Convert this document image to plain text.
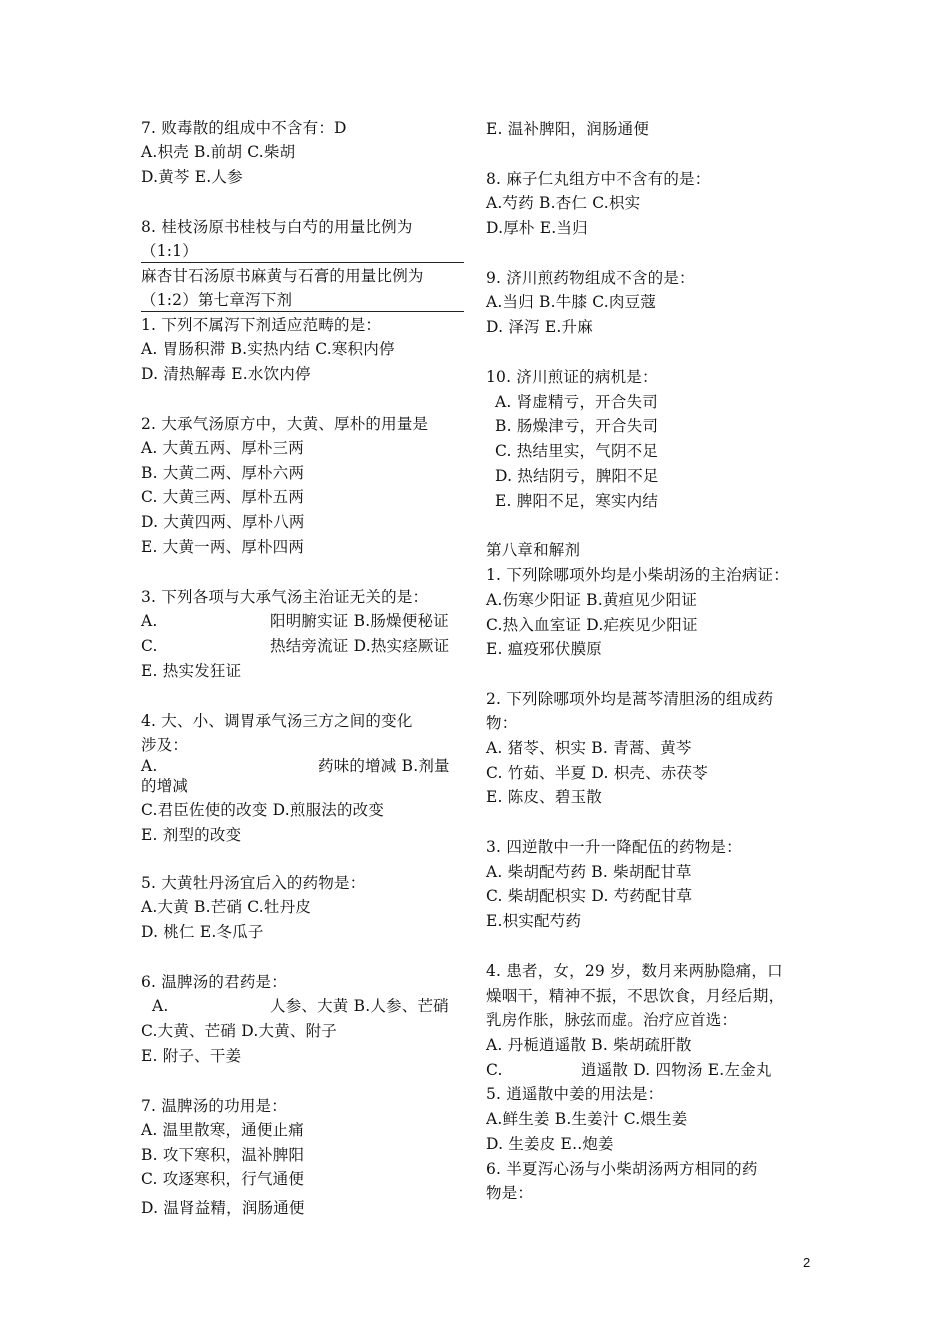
7. 败毒散的组成中不含有：D
A.枳壳 B.前胡 C.柴胡
D.黄芩 E.人参
8. 桂枝汤原书桂枝与白芍的用量比例为
（1:1）
麻杏甘石汤原书麻黄与石膏的用量比例为
（1:2）第七章泻下剂
1. 下列不属泻下剂适应范畴的是：
A. 胃肠积滞 B.实热内结 C.寒积内停
D. 清热解毒 E.水饮内停
2. 大承气汤原方中，大黄、厚朴的用量是
A. 大黄五两、厚朴三两
B. 大黄二两、厚朴六两
C. 大黄三两、厚朴五两
D. 大黄四两、厚朴八两
E. 大黄一两、厚朴四两
3. 下列各项与大承气汤主治证无关的是：
A.	阳明腑实证 B.肠燥便秘证
C.	热结旁流证 D.热实痉厥证
E. 热实发狂证
4. 大、小、调胃承气汤三方之间的变化
涉及：
A.	药味的增减 B.剂量
的增减
C.君臣佐使的改变 D.煎服法的改变
E. 剂型的改变
5. 大黄牡丹汤宜后入的药物是：
A.大黄 B.芒硝 C.牡丹皮
D. 桃仁 E.冬瓜子
6. 温脾汤的君药是：
A.	人参、大黄 B.人参、芒硝
C.大黄、芒硝 D.大黄、附子
E. 附子、干姜
7. 温脾汤的功用是：
A. 温里散寒，通便止痛
B. 攻下寒积，温补脾阳
C. 攻逐寒积，行气通便
D. 温肾益精，润肠通便
E. 温补脾阳，润肠通便
8. 麻子仁丸组方中不含有的是：
A.芍药 B.杏仁 C.枳实
D.厚朴 E.当归
9. 济川煎药物组成不含的是：
A.当归 B.牛膝 C.肉豆蔻
D. 泽泻 E.升麻
10. 济川煎证的病机是：
A. 肾虚精亏，开合失司
B. 肠燥津亏，开合失司
C. 热结里实，气阴不足
D. 热结阴亏，脾阳不足
E. 脾阳不足，寒实内结
第八章和解剂
1. 下列除哪项外均是小柴胡汤的主治病证：
A.伤寒少阳证 B.黄疸见少阳证
C.热入血室证 D.疟疾见少阳证
E. 瘟疫邪伏膜原
2. 下列除哪项外均是蒿芩清胆汤的组成药
物：
A. 猪苓、枳实 B. 青蒿、黄芩
C. 竹茹、半夏 D. 枳壳、赤茯苓
E. 陈皮、碧玉散
3. 四逆散中一升一降配伍的药物是：
A. 柴胡配芍药 B. 柴胡配甘草
C. 柴胡配枳实 D. 芍药配甘草
E.枳实配芍药
4. 患者，女，29 岁，数月来两胁隐痛，口
燥咽干，精神不振，不思饮食，月经后期，
乳房作胀，脉弦而虚。治疗应首选：
A. 丹栀逍遥散 B. 柴胡疏肝散
C.	逍遥散 D. 四物汤 E.左金丸
5. 逍遥散中姜的用法是：
A.鲜生姜 B.生姜汁 C.煨生姜
D. 生姜皮 E..炮姜
6. 半夏泻心汤与小柴胡汤两方相同的药
物是：
2
